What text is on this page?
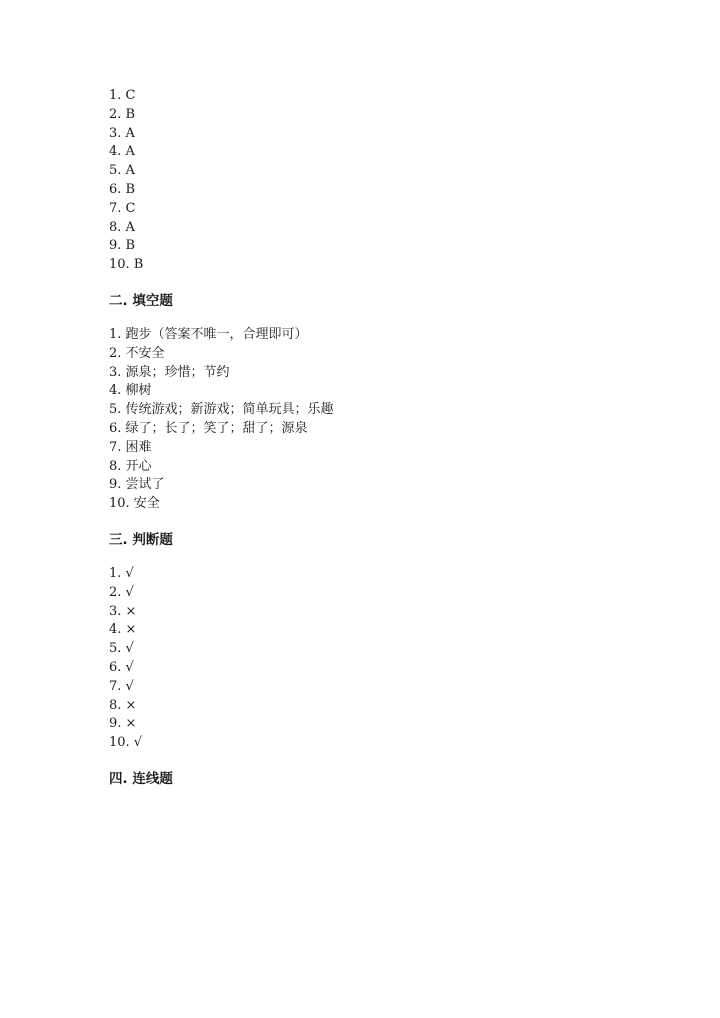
1. C
2. B
3. A
4. A
5. A
6. B
7. C
8. A
9. B
10. B
二. 填空题
1. 跑步（答案不唯一，合理即可）
2. 不安全
3. 源泉；珍惜；节约
4. 柳树
5. 传统游戏；新游戏；简单玩具；乐趣
6. 绿了；长了；笑了；甜了；源泉
7. 困难
8. 开心
9. 尝试了
10. 安全
三. 判断题
1. √
2. √
3. ×
4. ×
5. √
6. √
7. √
8. ×
9. ×
10. √
四. 连线题
